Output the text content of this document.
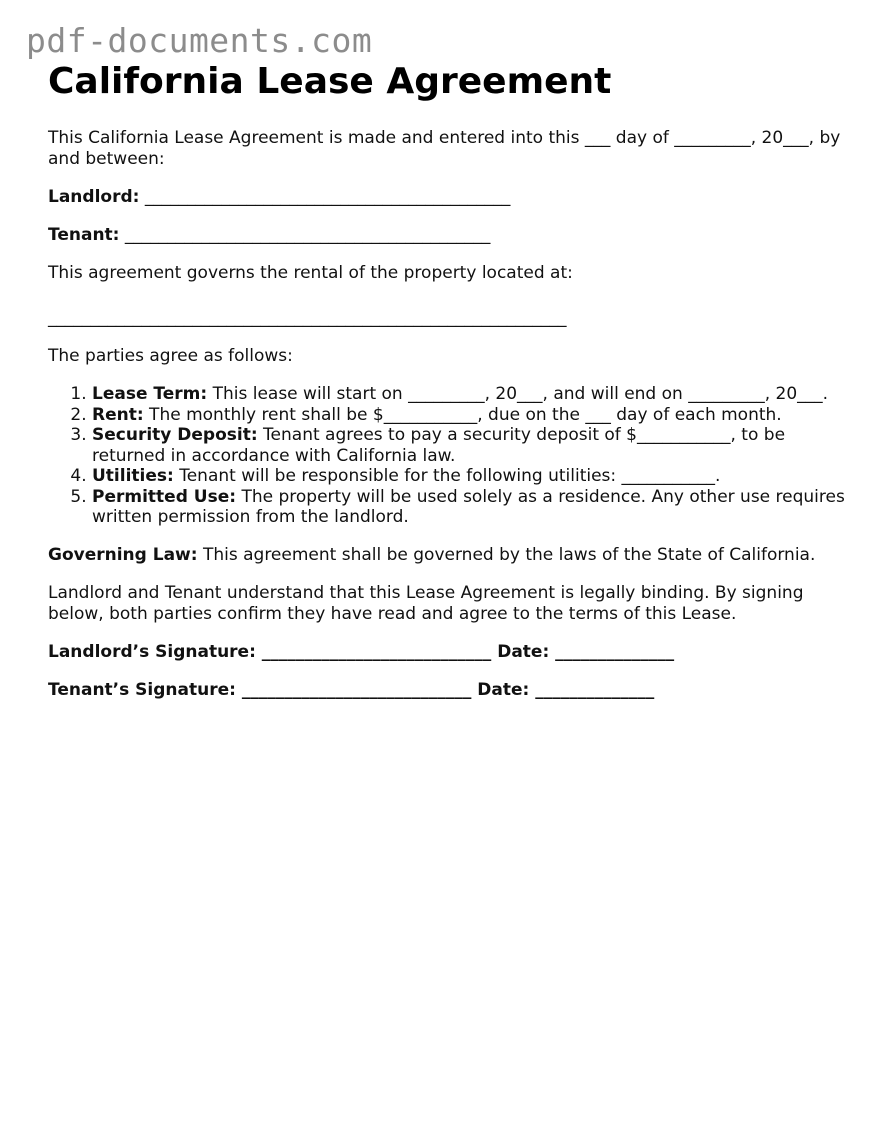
pdf-documents.com
California Lease Agreement

This California Lease Agreement is made and entered into this ___ day of _________, 20___, by and between:

Landlord: ___________________________________________

Tenant: ___________________________________________

This agreement governs the rental of the property located at:

_____________________________________________________________

The parties agree as follows:

1. Lease Term: This lease will start on _________, 20___, and will end on _________, 20___.
2. Rent: The monthly rent shall be $___________, due on the ___ day of each month.
3. Security Deposit: Tenant agrees to pay a security deposit of $___________, to be returned in accordance with California law.
4. Utilities: Tenant will be responsible for the following utilities: ___________.
5. Permitted Use: The property will be used solely as a residence. Any other use requires written permission from the landlord.

Governing Law: This agreement shall be governed by the laws of the State of California.

Landlord and Tenant understand that this Lease Agreement is legally binding. By signing below, both parties confirm they have read and agree to the terms of this Lease.

Landlord’s Signature: ___________________________ Date: ______________

Tenant’s Signature: ___________________________ Date: ______________
